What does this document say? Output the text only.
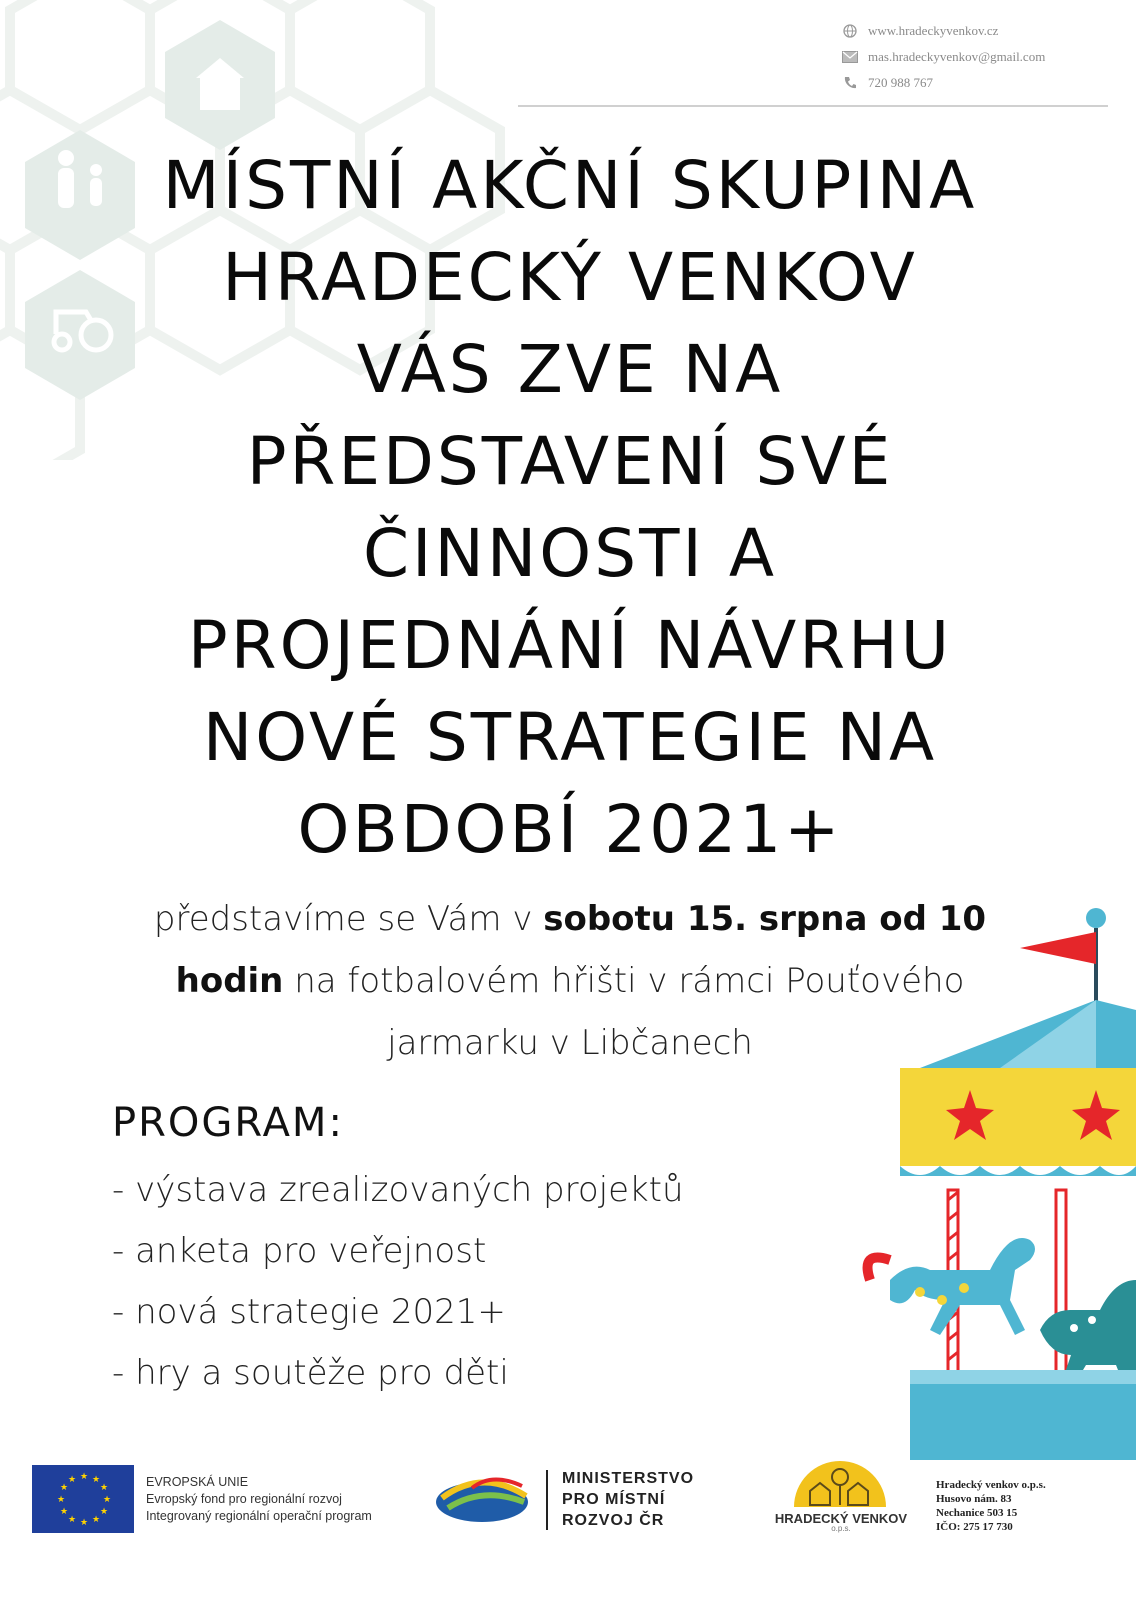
www.hradeckyvenkov.cz
mas.hradeckyvenkov@gmail.com
720 988 767
MÍSTNÍ AKČNÍ SKUPINA
HRADECKÝ VENKOV
VÁS ZVE NA
PŘEDSTAVENÍ SVÉ
ČINNOSTI A
PROJEDNÁNÍ NÁVRHU
NOVÉ STRATEGIE NA
OBDOBÍ 2021+
představíme se Vám v sobotu 15. srpna od 10
hodin na fotbalovém hřišti v rámci Pouťového
jarmarku v Libčanech
PROGRAM:
- výstava zrealizovaných projektů
- anketa pro veřejnost
- nová strategie 2021+
- hry a soutěže pro děti
★ ★
★
★
★
★
★
★
★
★
★
★	EVROPSKÁ UNIE
Evropský fond pro regionální rozvoj
Integrovaný regionální operační program
MINISTERSTVO
PRO MÍSTNÍ
ROZVOJ ČR	HRADECKÝ VENKOV
o.p.s.
Hradecký venkov o.p.s.
Husovo nám. 83
Nechanice 503 15
IČO: 275 17 730
